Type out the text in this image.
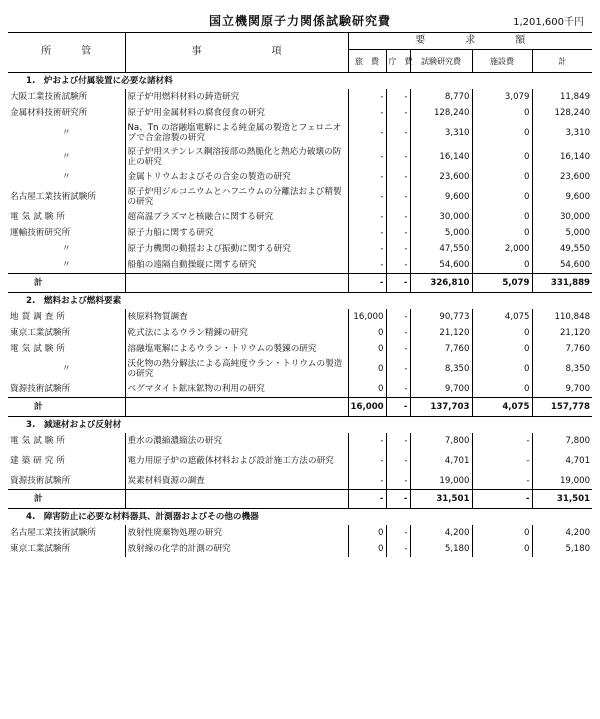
国立機関原子力関係試験研究費	1,201,600千円
所　　　管	事　　　　　　　項	要　　　　求　　　　額				
		旅　費	庁　費	試験研究費	施設費	計
1.　炉および付属装置に必要な諸材料						
大阪工業技術試験所	原子炉用燃料材料の鋳造研究	-	-	8,770	3,079	11,849
金属材料技術研究所	原子炉用金属材料の腐食侵食の研究	-	-	128,240	0	128,240
〃	Na、Tn の溶融塩電解による純金属の製造とフェロニオブで合金溶製の研究	-	-	3,310	0	3,310
〃	原子炉用ステンレス鋼溶接部の熱脆化と熱応力破壊の防止の研究	-	-	16,140	0	16,140
〃	金属トリウムおよびその合金の製造の研究	-	-	23,600	0	23,600
名古屋工業技術試験所	原子炉用ジルコニウムとハフニウムの分離法および精製の研究	-	-	9,600	0	9,600
電気試験所	超高温プラズマと核融合に関する研究	-	-	30,000	0	30,000
運輸技術研究所	原子力船に関する研究	-	-	5,000	0	5,000
〃	原子力機関の動揺および振動に関する研究	-	-	47,550	2,000	49,550
〃	船舶の遠隔自動操縦に関する研究	-	-	54,600	0	54,600
計		-	-	326,810	5,079	331,889
2.　燃料および燃料要素						
地質調査所	核原料物質調査	16,000	-	90,773	4,075	110,848
東京工業試験所	乾式法によるウラン精錬の研究	0	-	21,120	0	21,120
電気試験所	溶融塩電解によるウラン・トリウムの製錬の研究	0	-	7,760	0	7,760
〃	沃化物の熱分解法による高純度ウラン・トリウムの製造の研究	0	-	8,350	0	8,350
資源技術試験所	ペグマタイト鉱床鉱物の利用の研究	0	-	9,700	0	9,700
計		16,000	-	137,703	4,075	157,778
3.　減速材および反射材						
電気試験所	重水の濃縮濃縮法の研究	-	-	7,800	-	7,800
建築研究所	電力用原子炉の遮蔽体材料および設計施工方法の研究	-	-	4,701	-	4,701
資源技術試験所	炭素材料資源の調査	-	-	19,000	-	19,000
計		-	-	31,501	-	31,501
4.　障害防止に必要な材料器具、計測器およびその他の機器						
名古屋工業技術試験所	放射性廃棄物処理の研究	0	-	4,200	0	4,200
東京工業試験所	放射線の化学的計測の研究	0	-	5,180	0	5,180
